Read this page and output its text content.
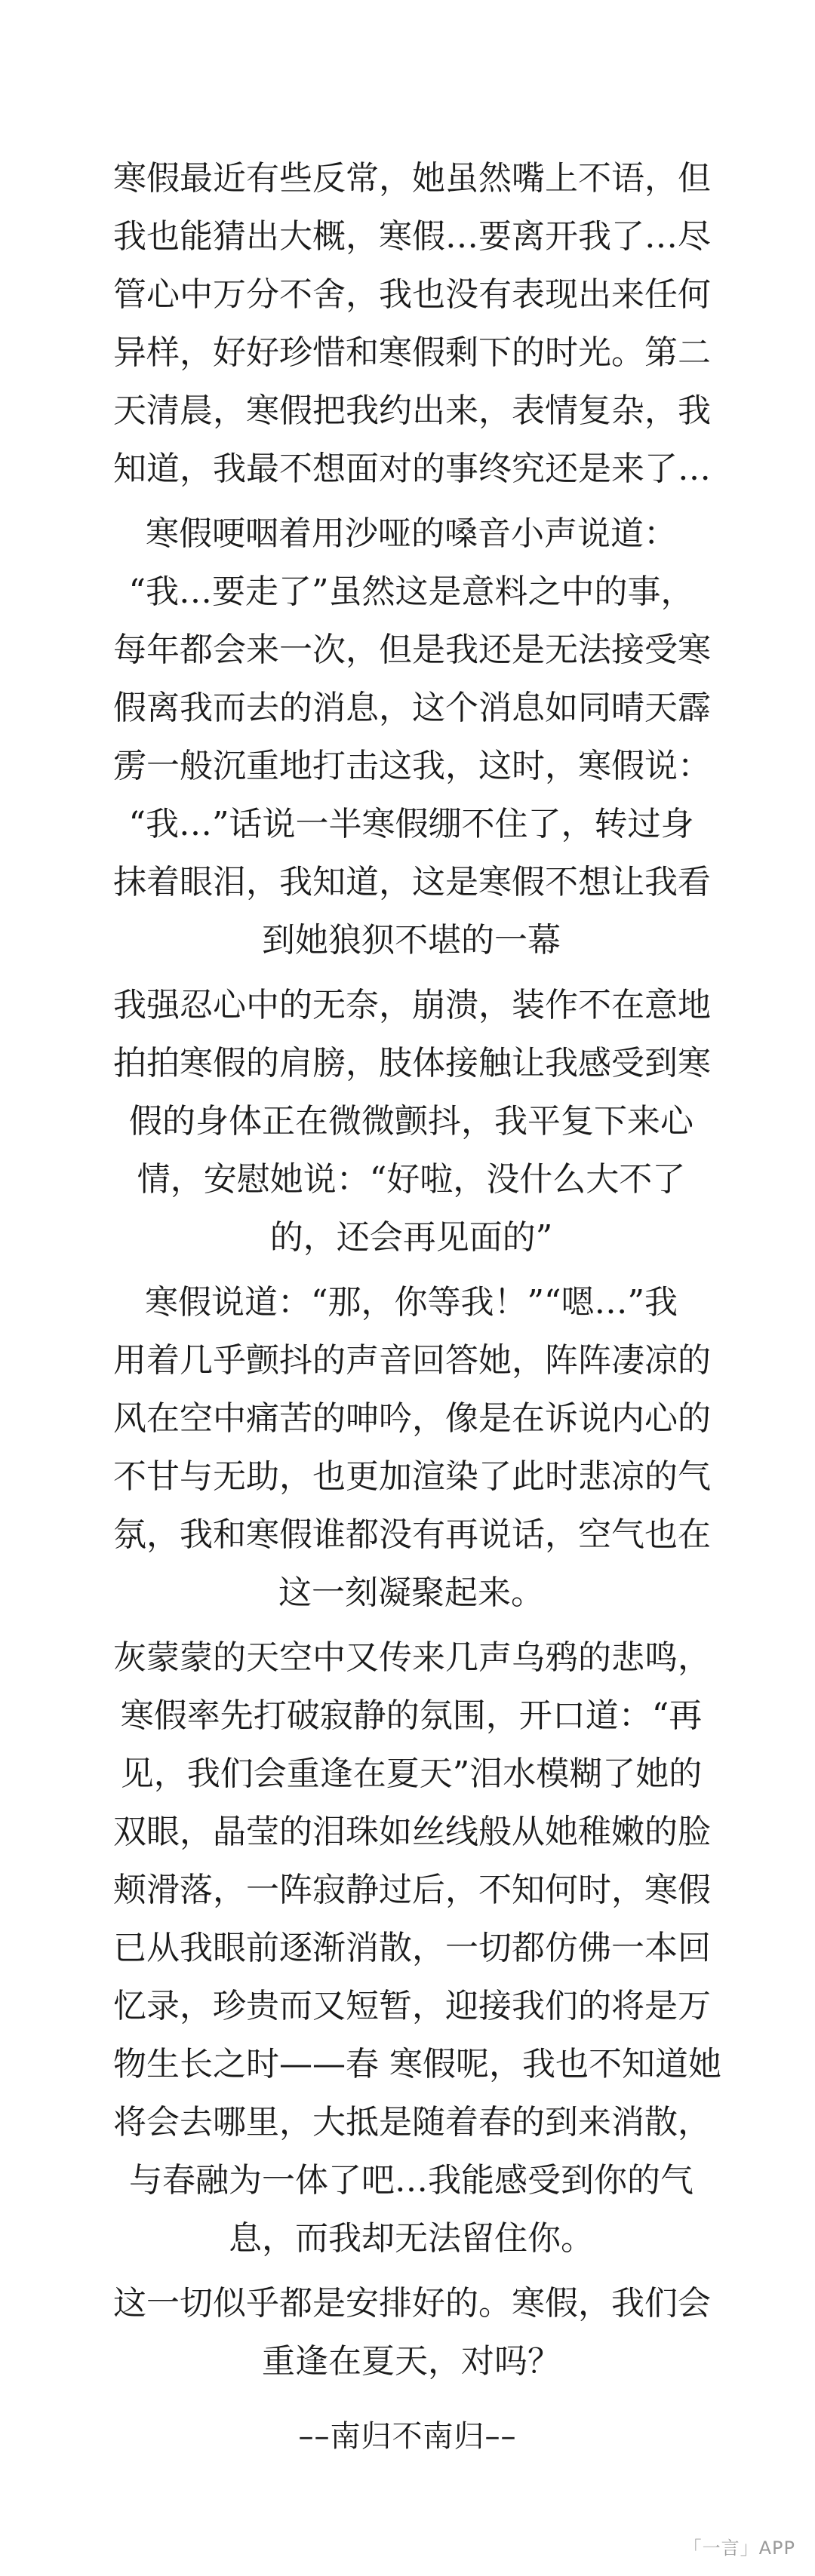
寒假最近有些反常，她虽然嘴上不语，但
我也能猜出大概，寒假…要离开我了…尽
管心中万分不舍，我也没有表现出来任何
异样，好好珍惜和寒假剩下的时光。第二
天清晨，寒假把我约出来，表情复杂，我
知道，我最不想面对的事终究还是来了…
寒假哽咽着用沙哑的嗓音小声说道：
“我…要走了”虽然这是意料之中的事，
每年都会来一次，但是我还是无法接受寒
假离我而去的消息，这个消息如同晴天霹
雳一般沉重地打击这我，这时，寒假说：
“我…”话说一半寒假绷不住了，转过身
抹着眼泪，我知道，这是寒假不想让我看
到她狼狈不堪的一幕
我强忍心中的无奈，崩溃，装作不在意地
拍拍寒假的肩膀，肢体接触让我感受到寒
假的身体正在微微颤抖，我平复下来心
情，安慰她说：“好啦，没什么大不了
的，还会再见面的”
寒假说道：“那，你等我！”“嗯…”我
用着几乎颤抖的声音回答她，阵阵凄凉的
风在空中痛苦的呻吟，像是在诉说内心的
不甘与无助，也更加渲染了此时悲凉的气
氛，我和寒假谁都没有再说话，空气也在
这一刻凝聚起来。
灰蒙蒙的天空中又传来几声乌鸦的悲鸣，
寒假率先打破寂静的氛围，开口道：“再
见，我们会重逢在夏天”泪水模糊了她的
双眼，晶莹的泪珠如丝线般从她稚嫩的脸
颊滑落，一阵寂静过后，不知何时，寒假
已从我眼前逐渐消散，一切都仿佛一本回
忆录，珍贵而又短暂，迎接我们的将是万
物生长之时——春 寒假呢，我也不知道她
将会去哪里，大抵是随着春的到来消散，
与春融为一体了吧…我能感受到你的气
息，而我却无法留住你。
这一切似乎都是安排好的。寒假，我们会
重逢在夏天，对吗？
––南归不南归––
「一言」APP
